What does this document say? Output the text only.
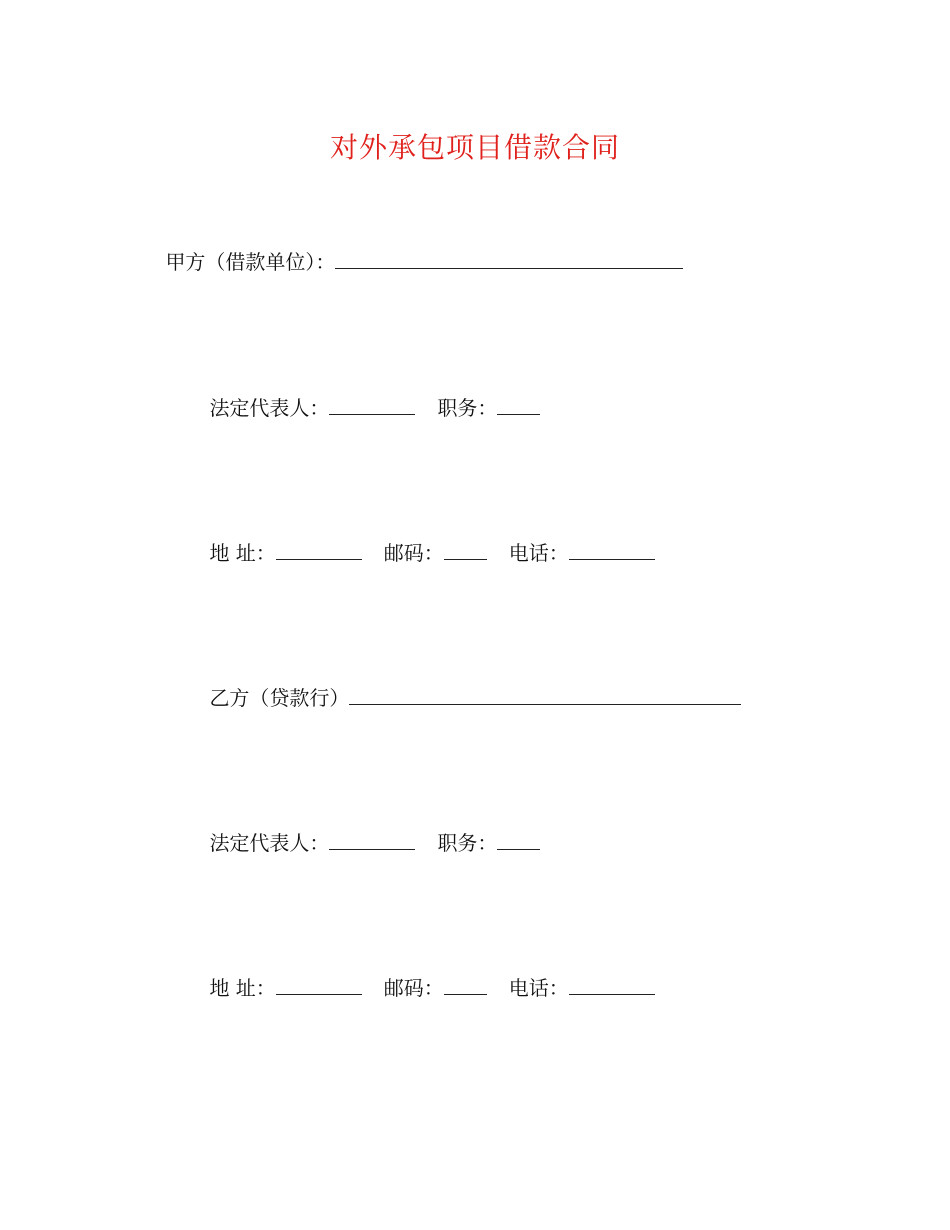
对外承包项目借款合同

甲方（借款单位）：

法定代表人：	职务：

地 址：	邮码：	电话：

乙方（贷款行）

法定代表人：	职务：

地 址：	邮码：	电话：
